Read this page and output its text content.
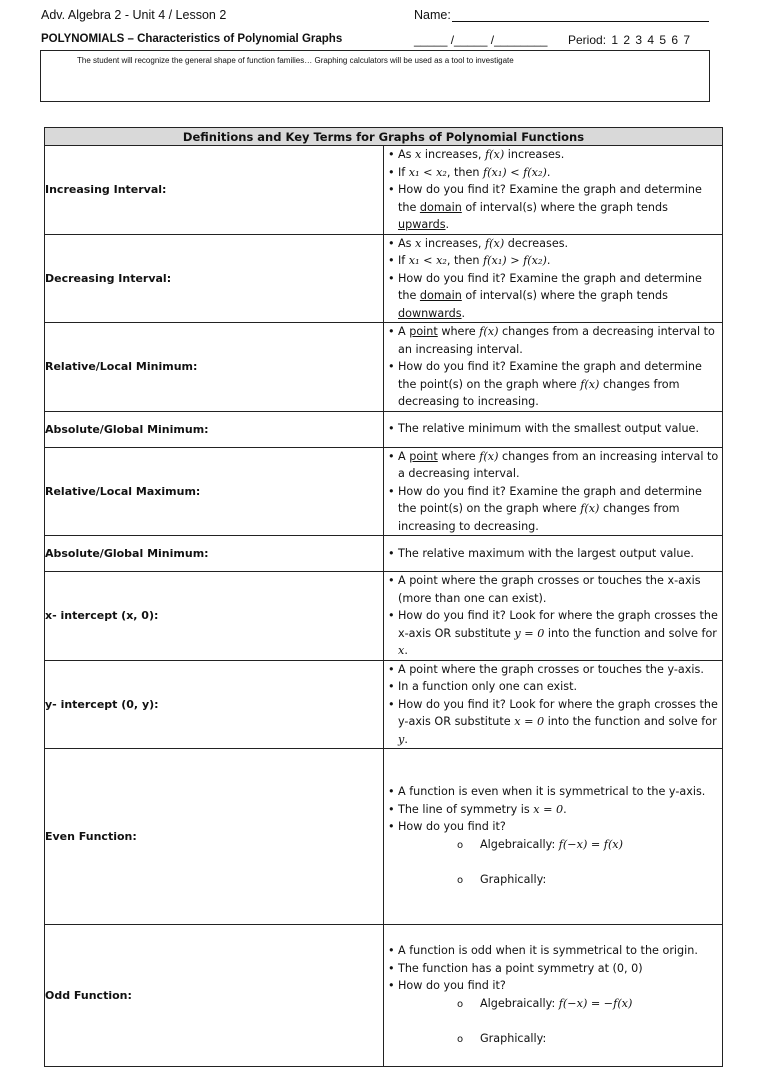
Adv. Algebra 2 - Unit 4 / Lesson 2	Name:
POLYNOMIALS – Characteristics of Polynomial Graphs	_____ /_____ /________ Period: 1 2 3 4 5 6 7
The student will recognize the general shape of function families… Graphing calculators will be used as a tool to investigate
Definitions and Key Terms for Graphs of Polynomial Functions	
Increasing Interval:	• As x increases, f(x) increases.
• If x₁ < x₂, then f(x₁) < f(x₂).
• How do you find it? Examine the graph and determine the domain of interval(s) where the graph tends upwards.

Decreasing Interval:	• As x increases, f(x) decreases.
• If x₁ < x₂, then f(x₁) > f(x₂).
• How do you find it? Examine the graph and determine the domain of interval(s) where the graph tends downwards.

Relative/Local Minimum:	• A point where f(x) changes from a decreasing interval to an increasing interval.
• How do you find it? Examine the graph and determine the point(s) on the graph where f(x) changes from decreasing to increasing.

Absolute/Global Minimum:	• The relative minimum with the smallest output value.

Relative/Local Maximum:	• A point where f(x) changes from an increasing interval to a decreasing interval.
• How do you find it? Examine the graph and determine the point(s) on the graph where f(x) changes from increasing to decreasing.

Absolute/Global Minimum:	• The relative maximum with the largest output value.

x- intercept (x, 0):	• A point where the graph crosses or touches the x-axis (more than one can exist).
• How do you find it? Look for where the graph crosses the x-axis OR substitute y = 0 into the function and solve for x.

y- intercept (0, y):	• A point where the graph crosses or touches the y-axis.
• In a function only one can exist.
• How do you find it? Look for where the graph crosses the y-axis OR substitute x = 0 into the function and solve for y.

Even Function:	• A function is even when it is symmetrical to the y-axis.
• The line of symmetry is x = 0.
• How do you find it?
o Algebraically: f(−x) = f(x)
o Graphically:

Odd Function:	• A function is odd when it is symmetrical to the origin.
• The function has a point symmetry at (0, 0)
• How do you find it?
o Algebraically: f(−x) = −f(x)
o Graphically:
